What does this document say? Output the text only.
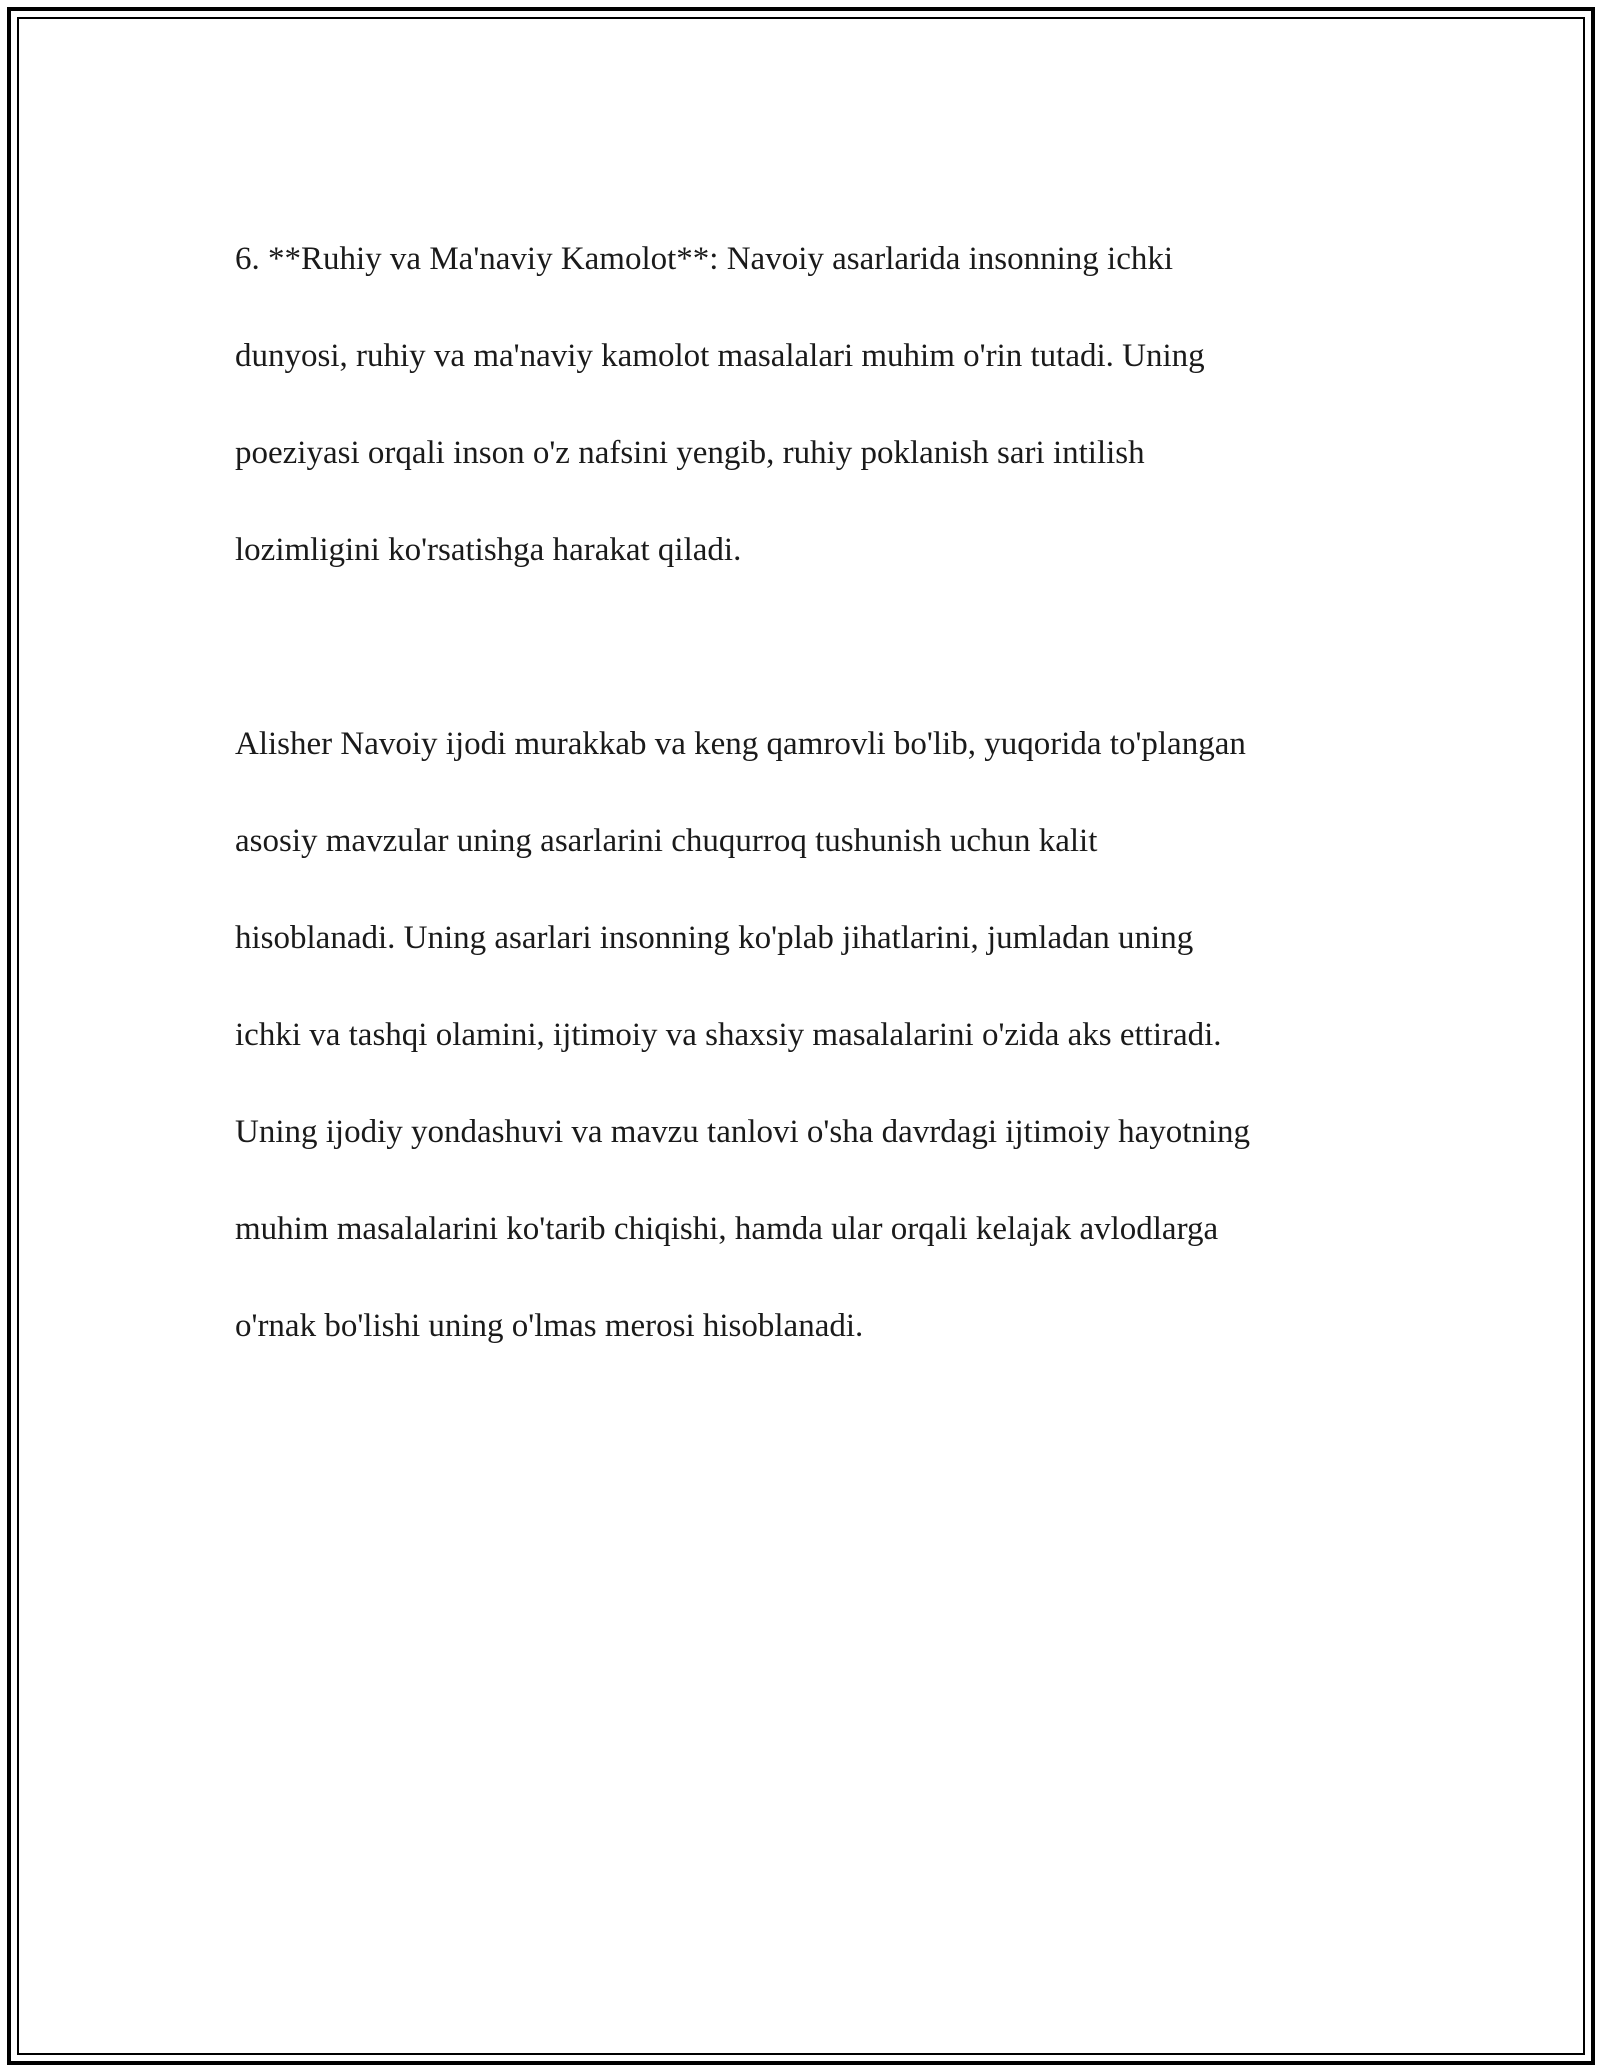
6. **Ruhiy va Ma'naviy Kamolot**: Navoiy asarlarida insonning ichki

dunyosi, ruhiy va ma'naviy kamolot masalalari muhim o'rin tutadi. Uning

poeziyasi orqali inson o'z nafsini yengib, ruhiy poklanish sari intilish

lozimligini ko'rsatishga harakat qiladi.

Alisher Navoiy ijodi murakkab va keng qamrovli bo'lib, yuqorida to'plangan

asosiy mavzular uning asarlarini chuqurroq tushunish uchun kalit

hisoblanadi. Uning asarlari insonning ko'plab jihatlarini, jumladan uning

ichki va tashqi olamini, ijtimoiy va shaxsiy masalalarini o'zida aks ettiradi.

Uning ijodiy yondashuvi va mavzu tanlovi o'sha davrdagi ijtimoiy hayotning

muhim masalalarini ko'tarib chiqishi, hamda ular orqali kelajak avlodlarga

o'rnak bo'lishi uning o'lmas merosi hisoblanadi.
